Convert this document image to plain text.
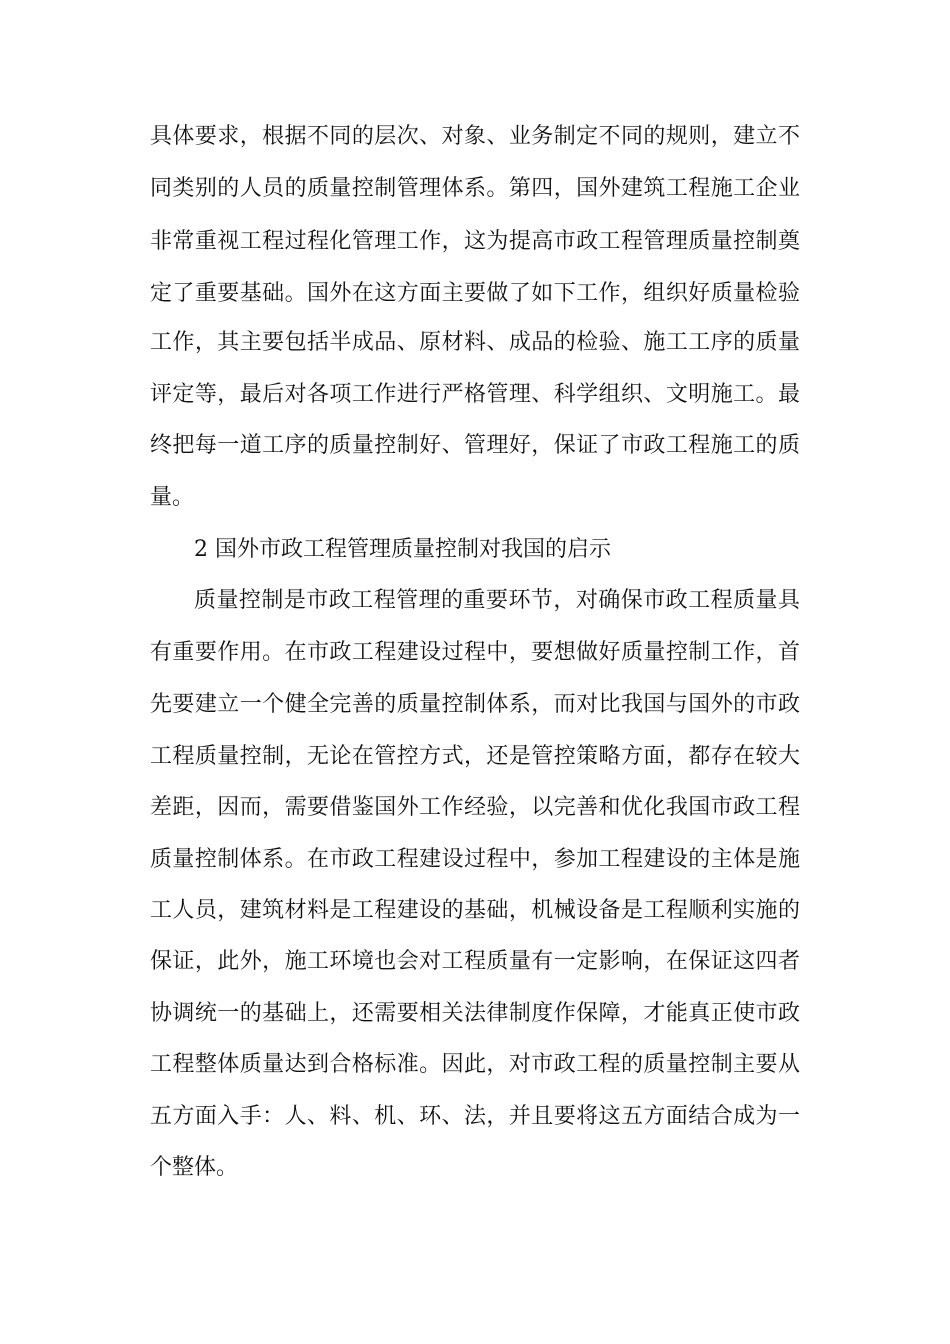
具体要求，根据不同的层次、对象、业务制定不同的规则，建立不
同类别的人员的质量控制管理体系。第四，国外建筑工程施工企业
非常重视工程过程化管理工作，这为提高市政工程管理质量控制奠
定了重要基础。国外在这方面主要做了如下工作，组织好质量检验
工作，其主要包括半成品、原材料、成品的检验、施工工序的质量
评定等，最后对各项工作进行严格管理、科学组织、文明施工。最
终把每一道工序的质量控制好、管理好，保证了市政工程施工的质
量。
2 国外市政工程管理质量控制对我国的启示
质量控制是市政工程管理的重要环节，对确保市政工程质量具
有重要作用。在市政工程建设过程中，要想做好质量控制工作，首
先要建立一个健全完善的质量控制体系，而对比我国与国外的市政
工程质量控制，无论在管控方式，还是管控策略方面，都存在较大
差距，因而，需要借鉴国外工作经验，以完善和优化我国市政工程
质量控制体系。在市政工程建设过程中，参加工程建设的主体是施
工人员，建筑材料是工程建设的基础，机械设备是工程顺利实施的
保证，此外，施工环境也会对工程质量有一定影响，在保证这四者
协调统一的基础上，还需要相关法律制度作保障，才能真正使市政
工程整体质量达到合格标准。因此，对市政工程的质量控制主要从
五方面入手：人、料、机、环、法，并且要将这五方面结合成为一
个整体。
